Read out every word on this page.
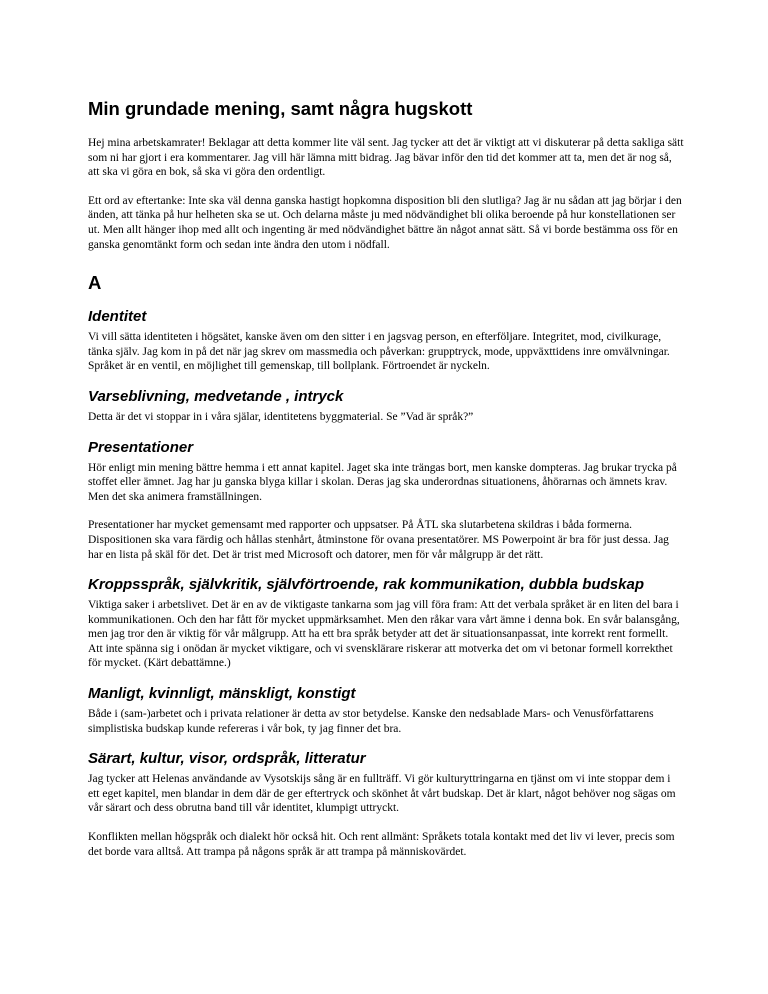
Min grundade mening, samt några hugskott

Hej mina arbetskamrater! Beklagar att detta kommer lite väl sent. Jag tycker att det är viktigt att vi diskuterar på detta sakliga sätt som ni har gjort i era kommentarer. Jag vill här lämna mitt bidrag. Jag bävar inför den tid det kommer att ta, men det är nog så, att ska vi göra en bok, så ska vi göra den ordentligt.

Ett ord av eftertanke: Inte ska väl denna ganska hastigt hopkomna disposition bli den slutliga? Jag är nu sådan att jag börjar i den änden, att tänka på hur helheten ska se ut. Och delarna måste ju med nödvändighet bli olika beroende på hur konstellationen ser ut. Men allt hänger ihop med allt och ingenting är med nödvändighet bättre än något annat sätt. Så vi borde bestämma oss för en ganska genomtänkt form och sedan inte ändra den utom i nödfall.

A
Identitet

Vi vill sätta identiteten i högsätet, kanske även om den sitter i en jagsvag person, en efterföljare. Integritet, mod, civilkurage, tänka själv. Jag kom in på det när jag skrev om massmedia och påverkan: grupptryck, mode, uppväxttidens inre omvälvningar. Språket är en ventil, en möjlighet till gemenskap, till bollplank. Förtroendet är nyckeln.

Varseblivning, medvetande , intryck

Detta är det vi stoppar in i våra själar, identitetens byggmaterial. Se ”Vad är språk?”

Presentationer

Hör enligt min mening bättre hemma i ett annat kapitel. Jaget ska inte trängas bort, men kanske dompteras. Jag brukar trycka på stoffet eller ämnet. Jag har ju ganska blyga killar i skolan. Deras jag ska underordnas situationens, åhörarnas och ämnets krav. Men det ska animera framställningen.

Presentationer har mycket gemensamt med rapporter och uppsatser. På ÅTL ska slutarbetena skildras i båda formerna. Dispositionen ska vara färdig och hållas stenhårt, åtminstone för ovana presentatörer. MS Powerpoint är bra för just dessa. Jag har en lista på skäl för det. Det är trist med Microsoft och datorer, men för vår målgrupp är det rätt.

Kroppsspråk, självkritik, självförtroende, rak kommunikation, dubbla budskap

Viktiga saker i arbetslivet. Det är en av de viktigaste tankarna som jag vill föra fram: Att det verbala språket är en liten del bara i kommunikationen. Och den har fått för mycket uppmärksamhet. Men den råkar vara vårt ämne i denna bok. En svår balansgång, men jag tror den är viktig för vår målgrupp. Att ha ett bra språk betyder att det är situationsanpassat, inte korrekt rent formellt. Att inte spänna sig i onödan är mycket viktigare, och vi svensklärare riskerar att motverka det om vi betonar formell korrekthet för mycket. (Kärt debattämne.)

Manligt, kvinnligt, mänskligt, konstigt

Både i (sam-)arbetet och i privata relationer är detta av stor betydelse. Kanske den nedsablade Mars- och Venusförfattarens simplistiska budskap kunde refereras i vår bok, ty jag finner det bra.

Särart, kultur, visor, ordspråk, litteratur

Jag tycker att Helenas användande av Vysotskijs sång är en fullträff. Vi gör kulturyttringarna en tjänst om vi inte stoppar dem i ett eget kapitel, men blandar in dem där de ger eftertryck och skönhet åt vårt budskap. Det är klart, något behöver nog sägas om vår särart och dess obrutna band till vår identitet, klumpigt uttryckt.

Konflikten mellan högspråk och dialekt hör också hit. Och rent allmänt: Språkets totala kontakt med det liv vi lever, precis som det borde vara alltså. Att trampa på någons språk är att trampa på människovärdet.
